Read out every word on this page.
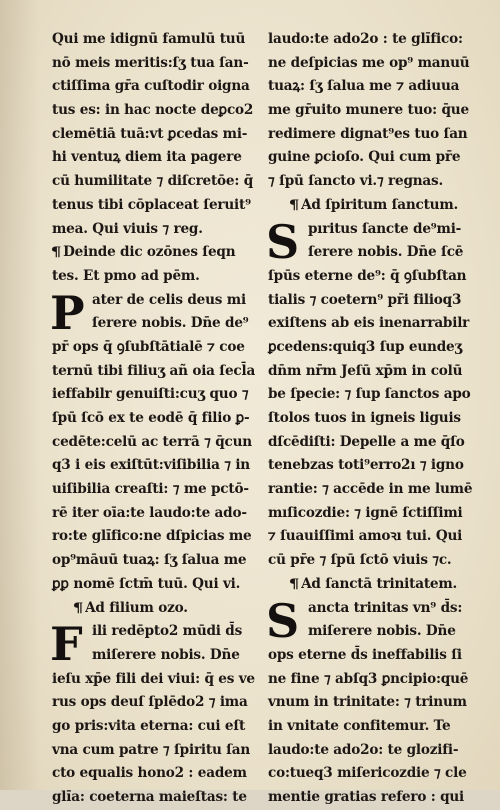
Qui me idignū famulū tuū
nō meis meritis:ſʒ tua ſan-
ctiſſima gr̄a cuſtodir oigna
tus es: in hac nocte deꝑco2
clemētiā tuā:vt ꝑcedas mi-
hi ventuꝝ diem ita pagere
cū humilitate ⁊ diſcretōe: q̄
tenus tibi cōplaceat ſeruit⁹
mea. Qui viuis ⁊ reg.
¶ Deinde dic ozōnes ſeqn
tes. Et pmo ad pēm.
P ater de celis deus mi
ſerere nobis. Dn̄e de⁹
pr̄ ops q̄ ꝯſubſtātialē ⁊ coe
ternū tibi filiuʒ añ oia ſecl̄a
ieffabilr genuiſti:cuʒ quo ⁊
ſpū ſcō ex te eodē q̄ filio ꝑ-
cedēte:celū ac terrā ⁊ q̄cun
q3 i eis exiſtūt:viſibilia ⁊ in
uiſibilia creaſti: ⁊ me pctō-
rē iter oīa:te laudo:te ado-
ro:te glı̄fico:ne dſpicias me
op⁹māuū tuaꝝ: ſʒ ſalua me
ꝑꝑ nomē ſctm̄ tuū. Qui vi.
¶ Ad filium ozo.
F ili redēpto2 mūdi d̄s
miſerere nobis. Dn̄e
ieſu xp̄e fili dei viui: q̄ es ve
rus ops deuſ ſplēdo2 ⁊ ima
go pris:vita eterna: cui eſt
vna cum patre ⁊ ſpiritu ſan
cto equalis hono2 : eadem
glı̄a: coeterna maieſtas: te
laudo:te ado2o : te glı̄fico:
ne deſpicias me op⁹ manuū
tuaꝝ: ſʒ ſalua me ⁊ adiuua
me gr̄uito munere tuo: q̄ue
redimere dignat⁹es tuo ſan
guine ꝑcioſo. Qui cum pr̄e
⁊ ſpū ſancto vi.⁊ regnas.
¶ Ad ſpiritum ſanctum.
S pıritus ſancte de⁹mi-
ſerere nobis. Dn̄e ſcē
ſpūs eterne de⁹: q̄ ꝯſubſtan
tialis ⁊ coetern⁹ pr̄i filioq3
exiſtens ab eis inenarrabilr
ꝑcedens:quiq3 ſup eundeʒ
dn̄m nr̄m Jeſū xp̄m in colū
be ſpecie: ⁊ ſup ſanctos apo
ſtolos tuos in igneis liguis
dſcēdiſti: Depelle a me q̄ſo
tenebzas toti⁹erro2ı ⁊ igno
rantie: ⁊ accēde in me lumē
mıſicozdie: ⁊ ignē ſctiſſimi
⁊ ſuauiſſimi amoꝛı tui. Qui
cū pr̄e ⁊ ſpū ſctō viuis ⁊c.
¶ Ad ſanctā trinitatem.
S ancta trinitas vn⁹ d̄s:
miſerere nobis. Dn̄e
ops eterne d̄s ineffabilis ſi
ne fine ⁊ abſq3 ꝑncipio:quē
vnum in trinitate: ⁊ trinum
in vnitate confitemur. Te
laudo:te ado2o: te glozifi-
co:tueq3 miſericozdie ⁊ cle
mentie gratias refero : qui
